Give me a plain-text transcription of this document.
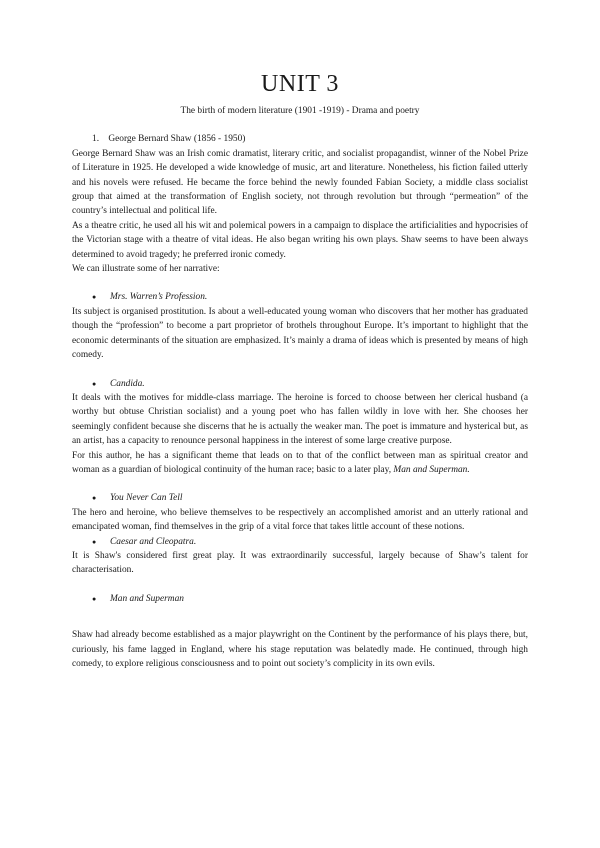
UNIT 3

The birth of modern literature (1901 -1919) - Drama and poetry

1. George Bernard Shaw (1856 - 1950)

George Bernard Shaw was an Irish comic dramatist, literary critic, and socialist propagandist, winner of the Nobel Prize of Literature in 1925. He developed a wide knowledge of music, art and literature. Nonetheless, his fiction failed utterly and his novels were refused. He became the force behind the newly founded Fabian Society, a middle class socialist group that aimed at the transformation of English society, not through revolution but through “permeation” of the country’s intellectual and political life.

As a theatre critic, he used all his wit and polemical powers in a campaign to displace the artificialities and hypocrisies of the Victorian stage with a theatre of vital ideas. He also began writing his own plays. Shaw seems to have been always determined to avoid tragedy; he preferred ironic comedy.

We can illustrate some of her narrative:

● Mrs. Warren’s Profession.

Its subject is organised prostitution. Is about a well-educated young woman who discovers that her mother has graduated though the “profession” to become a part proprietor of brothels throughout Europe. It’s important to highlight that the economic determinants of the situation are emphasized. It’s mainly a drama of ideas which is presented by means of high comedy.

● Candida.

It deals with the motives for middle-class marriage. The heroine is forced to choose between her clerical husband (a worthy but obtuse Christian socialist) and a young poet who has fallen wildly in love with her. She chooses her seemingly confident because she discerns that he is actually the weaker man. The poet is immature and hysterical but, as an artist, has a capacity to renounce personal happiness in the interest of some large creative purpose.

For this author, he has a significant theme that leads on to that of the conflict between man as spiritual creator and woman as a guardian of biological continuity of the human race; basic to a later play, Man and Superman.

● You Never Can Tell

The hero and heroine, who believe themselves to be respectively an accomplished amorist and an utterly rational and emancipated woman, find themselves in the grip of a vital force that takes little account of these notions.

● Caesar and Cleopatra.

It is Shaw's considered first great play. It was extraordinarily successful, largely because of Shaw’s talent for characterisation.

● Man and Superman

Shaw had already become established as a major playwright on the Continent by the performance of his plays there, but, curiously, his fame lagged in England, where his stage reputation was belatedly made. He continued, through high comedy, to explore religious consciousness and to point out society’s complicity in its own evils.
